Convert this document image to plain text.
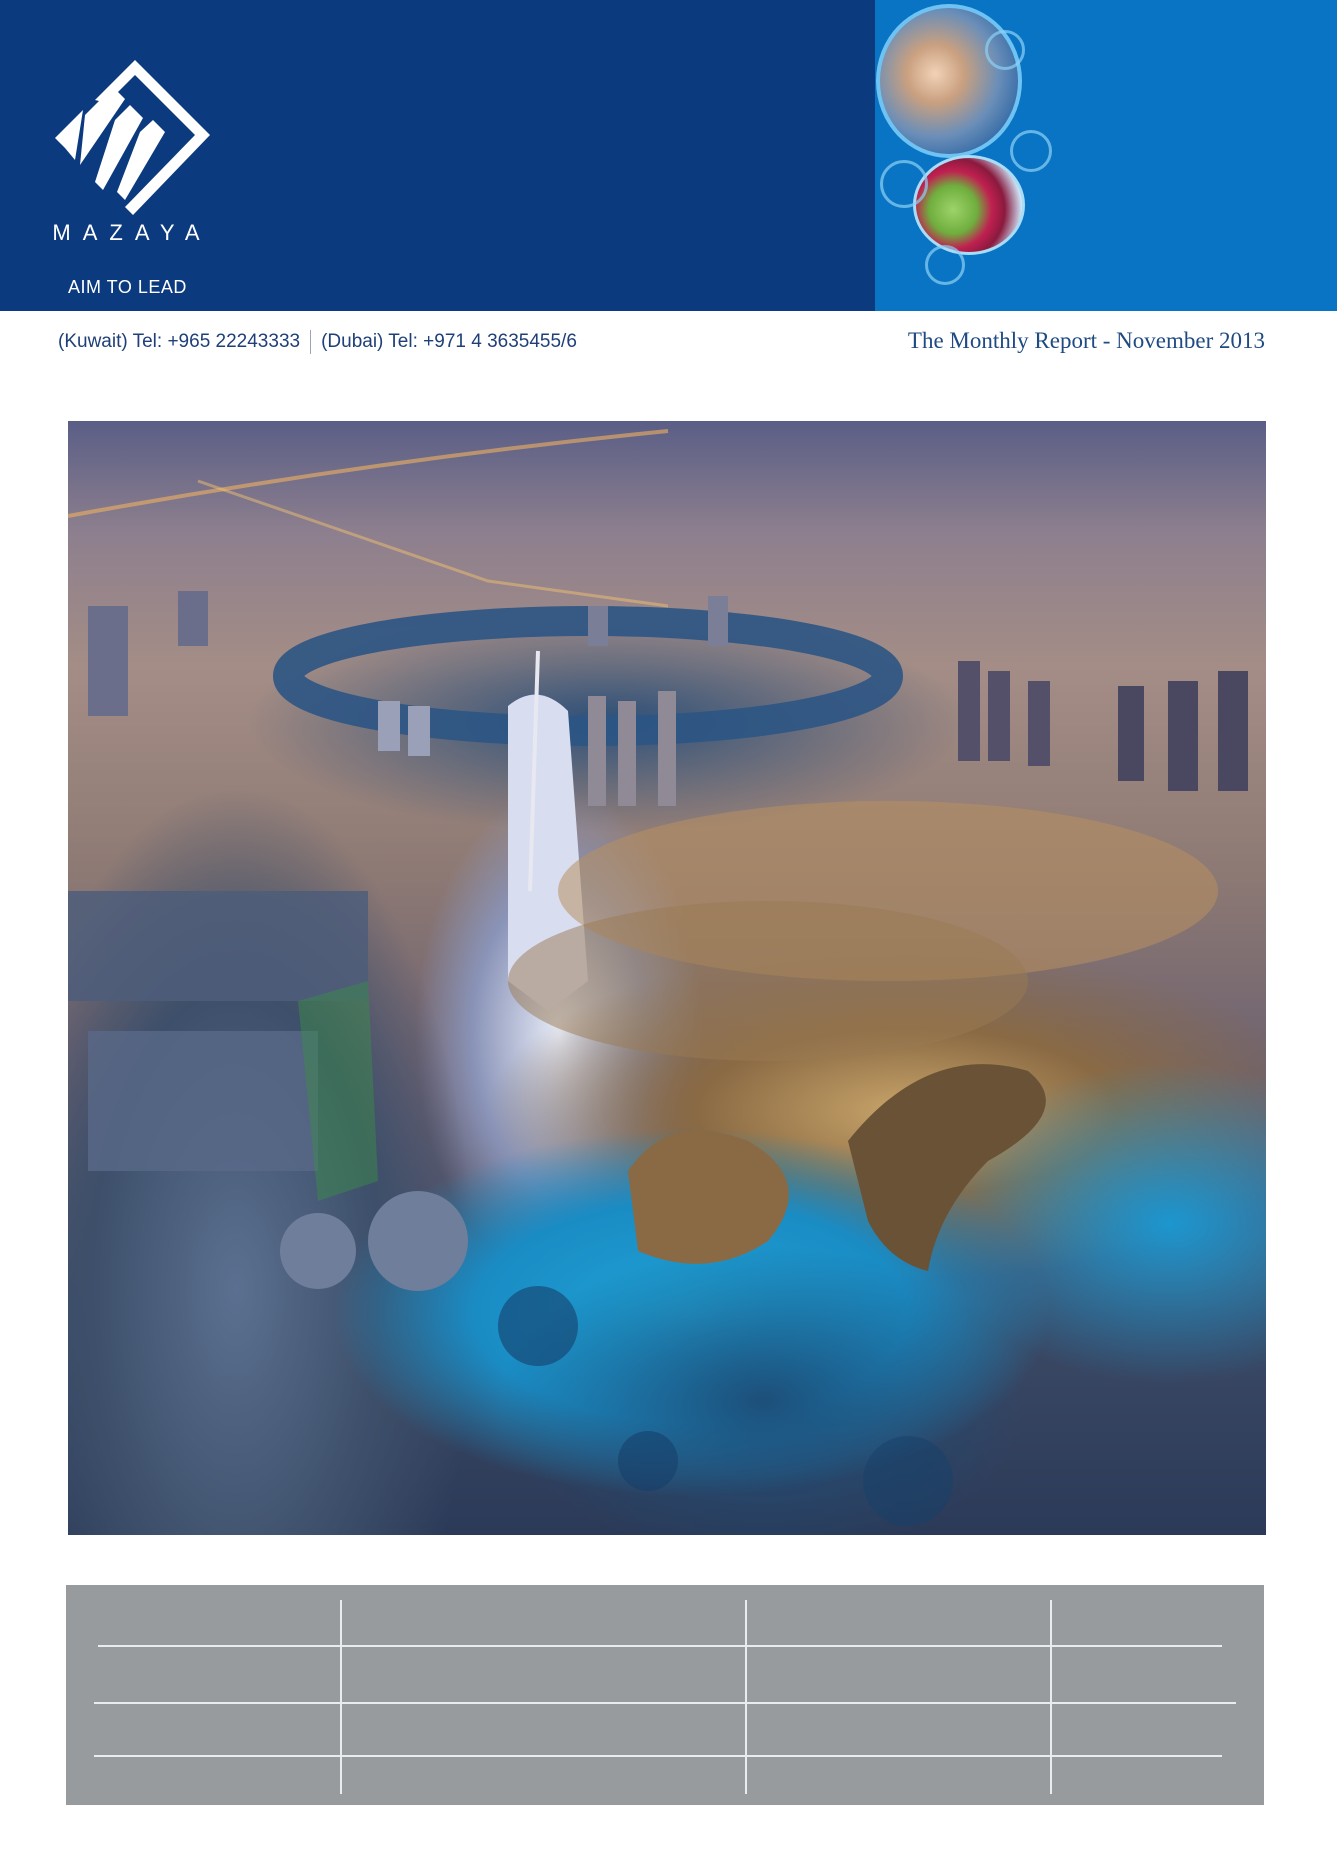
MAZAYA
AIM TO LEAD
(Kuwait) Tel: +965 22243333 (Dubai) Tel: +971 4 3635455/6	The Monthly Report - November 2013
